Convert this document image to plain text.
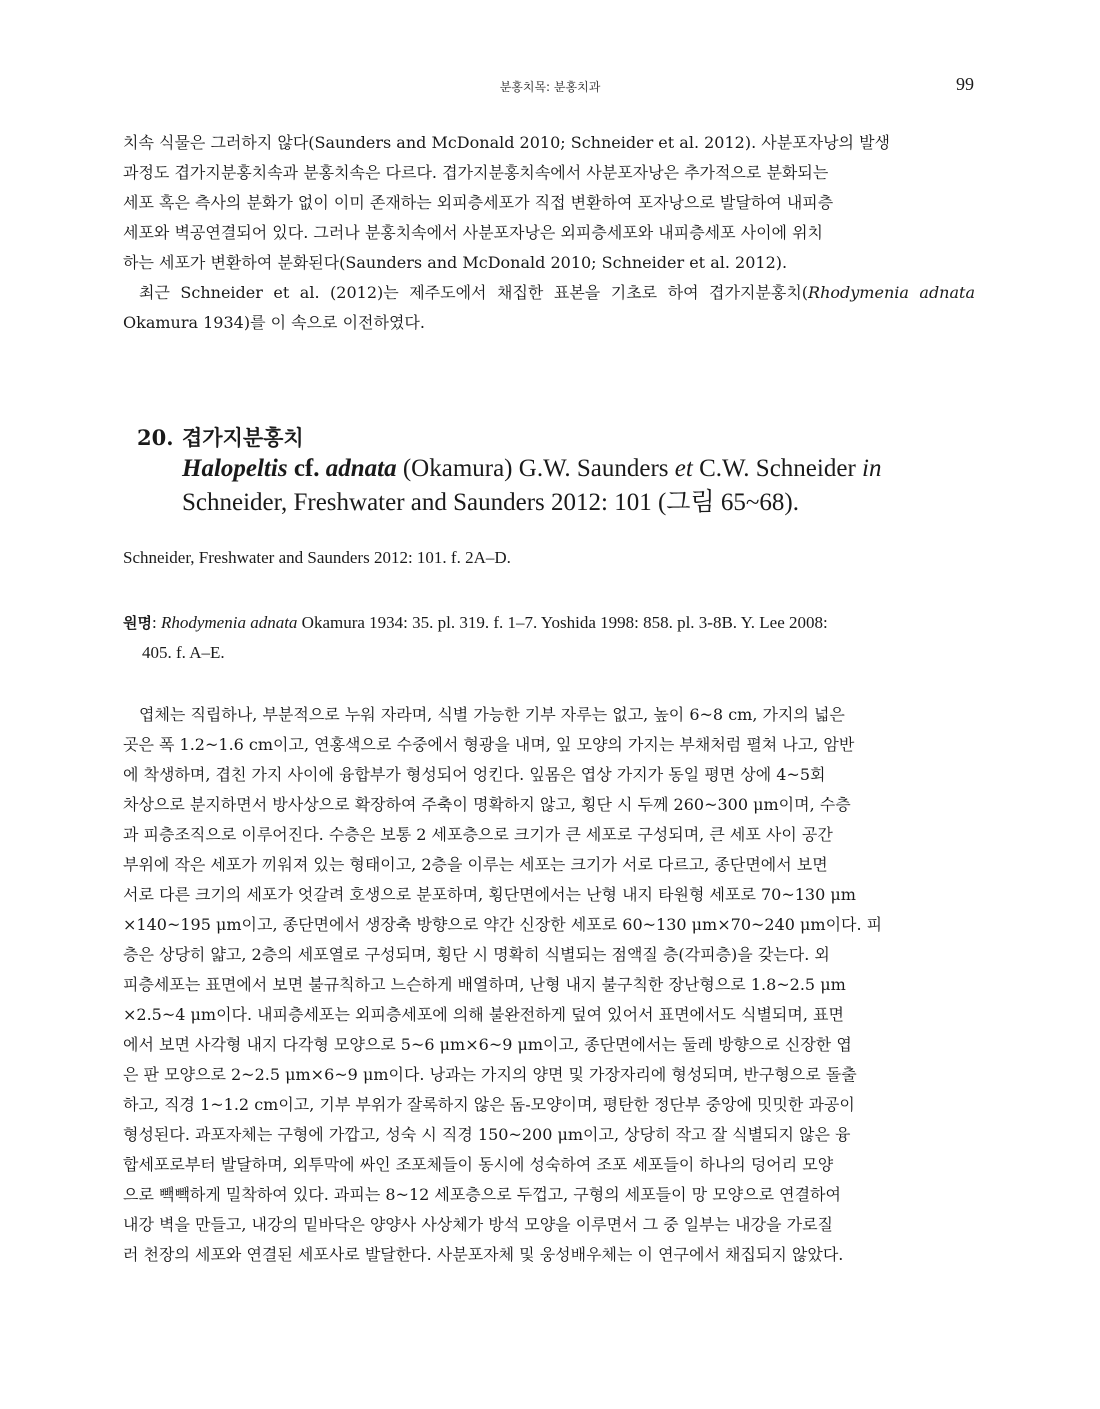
분홍치목: 분홍치과	99
치속 식물은 그러하지 않다(Saunders and McDonald 2010; Schneider et al. 2012). 사분포자낭의 발생
과정도 겹가지분홍치속과 분홍치속은 다르다. 겹가지분홍치속에서 사분포자낭은 추가적으로 분화되는
세포 혹은 측사의 분화가 없이 이미 존재하는 외피층세포가 직접 변환하여 포자낭으로 발달하여 내피층
세포와 벽공연결되어 있다. 그러나 분홍치속에서 사분포자낭은 외피층세포와 내피층세포 사이에 위치
하는 세포가 변환하여 분화된다(Saunders and McDonald 2010; Schneider et al. 2012).

최근 Schneider et al. (2012)는 제주도에서 채집한 표본을 기초로 하여 겹가지분홍치(Rhodymenia adnata Okamura 1934)를 이 속으로 이전하였다.

20. 겹가지분홍치
Halopeltis cf. adnata (Okamura) G.W. Saunders et C.W. Schneider in
Schneider, Freshwater and Saunders 2012: 101 (그림 65~68).
Schneider, Freshwater and Saunders 2012: 101. f. 2A–D.
원명: Rhodymenia adnata Okamura 1934: 35. pl. 319. f. 1–7. Yoshida 1998: 858. pl. 3-8B. Y. Lee 2008:
405. f. A–E.
엽체는 직립하나, 부분적으로 누워 자라며, 식별 가능한 기부 자루는 없고, 높이 6~8 cm, 가지의 넓은
곳은 폭 1.2~1.6 cm이고, 연홍색으로 수중에서 형광을 내며, 잎 모양의 가지는 부채처럼 펼쳐 나고, 암반
에 착생하며, 겹친 가지 사이에 융합부가 형성되어 엉킨다. 잎몸은 엽상 가지가 동일 평면 상에 4~5회
차상으로 분지하면서 방사상으로 확장하여 주축이 명확하지 않고, 횡단 시 두께 260~300 μm이며, 수층
과 피층조직으로 이루어진다. 수층은 보통 2 세포층으로 크기가 큰 세포로 구성되며, 큰 세포 사이 공간
부위에 작은 세포가 끼워져 있는 형태이고, 2층을 이루는 세포는 크기가 서로 다르고, 종단면에서 보면
서로 다른 크기의 세포가 엇갈려 호생으로 분포하며, 횡단면에서는 난형 내지 타원형 세포로 70~130 μm
×140~195 μm이고, 종단면에서 생장축 방향으로 약간 신장한 세포로 60~130 μm×70~240 μm이다. 피
층은 상당히 얇고, 2층의 세포열로 구성되며, 횡단 시 명확히 식별되는 점액질 층(각피층)을 갖는다. 외
피층세포는 표면에서 보면 불규칙하고 느슨하게 배열하며, 난형 내지 불구칙한 장난형으로 1.8~2.5 μm
×2.5~4 μm이다. 내피층세포는 외피층세포에 의해 불완전하게 덮여 있어서 표면에서도 식별되며, 표면
에서 보면 사각형 내지 다각형 모양으로 5~6 μm×6~9 μm이고, 종단면에서는 둘레 방향으로 신장한 엽
은 판 모양으로 2~2.5 μm×6~9 μm이다. 낭과는 가지의 양면 및 가장자리에 형성되며, 반구형으로 돌출
하고, 직경 1~1.2 cm이고, 기부 부위가 잘록하지 않은 돔-모양이며, 평탄한 정단부 중앙에 밋밋한 과공이
형성된다. 과포자체는 구형에 가깝고, 성숙 시 직경 150~200 μm이고, 상당히 작고 잘 식별되지 않은 융
합세포로부터 발달하며, 외투막에 싸인 조포체들이 동시에 성숙하여 조포 세포들이 하나의 덩어리 모양
으로 빽빽하게 밀착하여 있다. 과피는 8~12 세포층으로 두껍고, 구형의 세포들이 망 모양으로 연결하여
내강 벽을 만들고, 내강의 밑바닥은 양양사 사상체가 방석 모양을 이루면서 그 중 일부는 내강을 가로질
러 천장의 세포와 연결된 세포사로 발달한다. 사분포자체 및 웅성배우체는 이 연구에서 채집되지 않았다.
